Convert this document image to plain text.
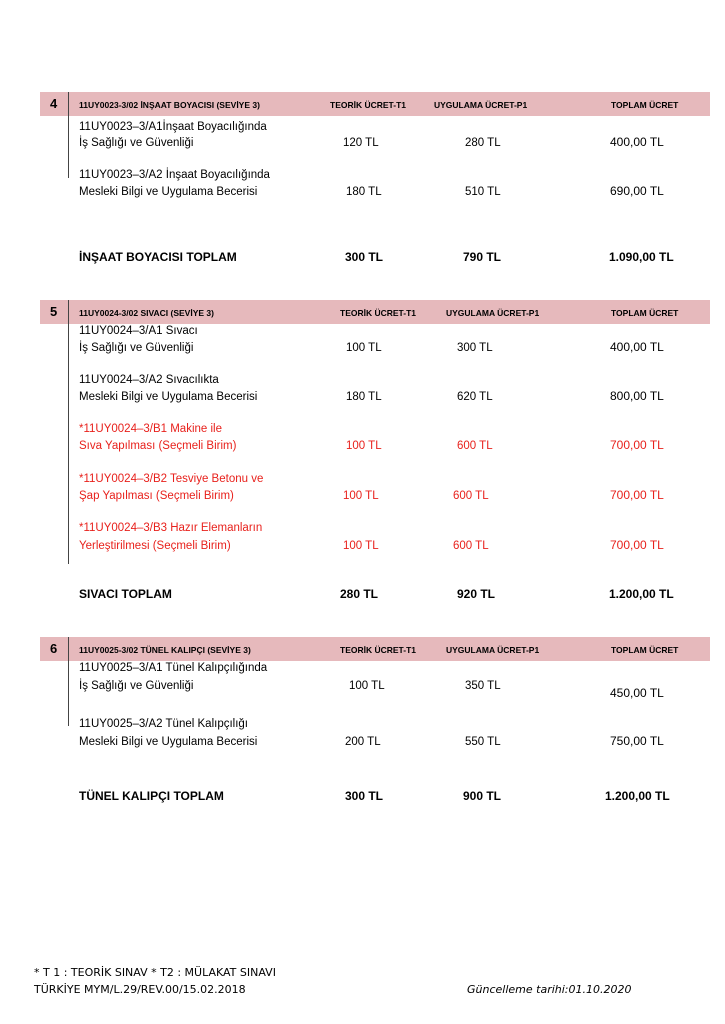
4	11UY0023-3/02 İNŞAAT BOYACISI (SEVİYE 3)	TEORİK ÜCRET-T1	UYGULAMA ÜCRET-P1	TOPLAM ÜCRET
11UY0023–3/A1İnşaat Boyacılığında
İş Sağlığı ve Güvenliği	120 TL	280 TL	400,00 TL
11UY0023–3/A2 İnşaat Boyacılığında
Mesleki Bilgi ve Uygulama Becerisi	180 TL	510 TL	690,00 TL
İNŞAAT BOYACISI TOPLAM	300 TL	790 TL	1.090,00 TL
5	11UY0024-3/02 SIVACI (SEVİYE 3)	TEORİK ÜCRET-T1	UYGULAMA ÜCRET-P1	TOPLAM ÜCRET
11UY0024–3/A1 Sıvacı
İş Sağlığı ve Güvenliği	100 TL	300 TL	400,00 TL
11UY0024–3/A2 Sıvacılıkta
Mesleki Bilgi ve Uygulama Becerisi	180 TL	620 TL	800,00 TL
*11UY0024–3/B1 Makine ile
Sıva Yapılması (Seçmeli Birim)	100 TL	600 TL	700,00 TL
*11UY0024–3/B2 Tesviye Betonu ve
Şap Yapılması (Seçmeli Birim)	100 TL	600 TL	700,00 TL
*11UY0024–3/B3 Hazır Elemanların
Yerleştirilmesi (Seçmeli Birim)	100 TL	600 TL	700,00 TL
SIVACI TOPLAM	280 TL	920 TL	1.200,00 TL
6	11UY0025-3/02 TÜNEL KALIPÇI (SEVİYE 3)	TEORİK ÜCRET-T1	UYGULAMA ÜCRET-P1	TOPLAM ÜCRET
11UY0025–3/A1 Tünel Kalıpçılığında
İş Sağlığı ve Güvenliği	100 TL	350 TL	450,00 TL
11UY0025–3/A2 Tünel Kalıpçılığı
Mesleki Bilgi ve Uygulama Becerisi	200 TL	550 TL	750,00 TL
TÜNEL KALIPÇI TOPLAM	300 TL	900 TL	1.200,00 TL
* T 1 : TEORİK SINAV * T2 : MÜLAKAT SINAVI
TÜRKİYE MYM/L.29/REV.00/15.02.2018	Güncelleme tarihi:01.10.2020
